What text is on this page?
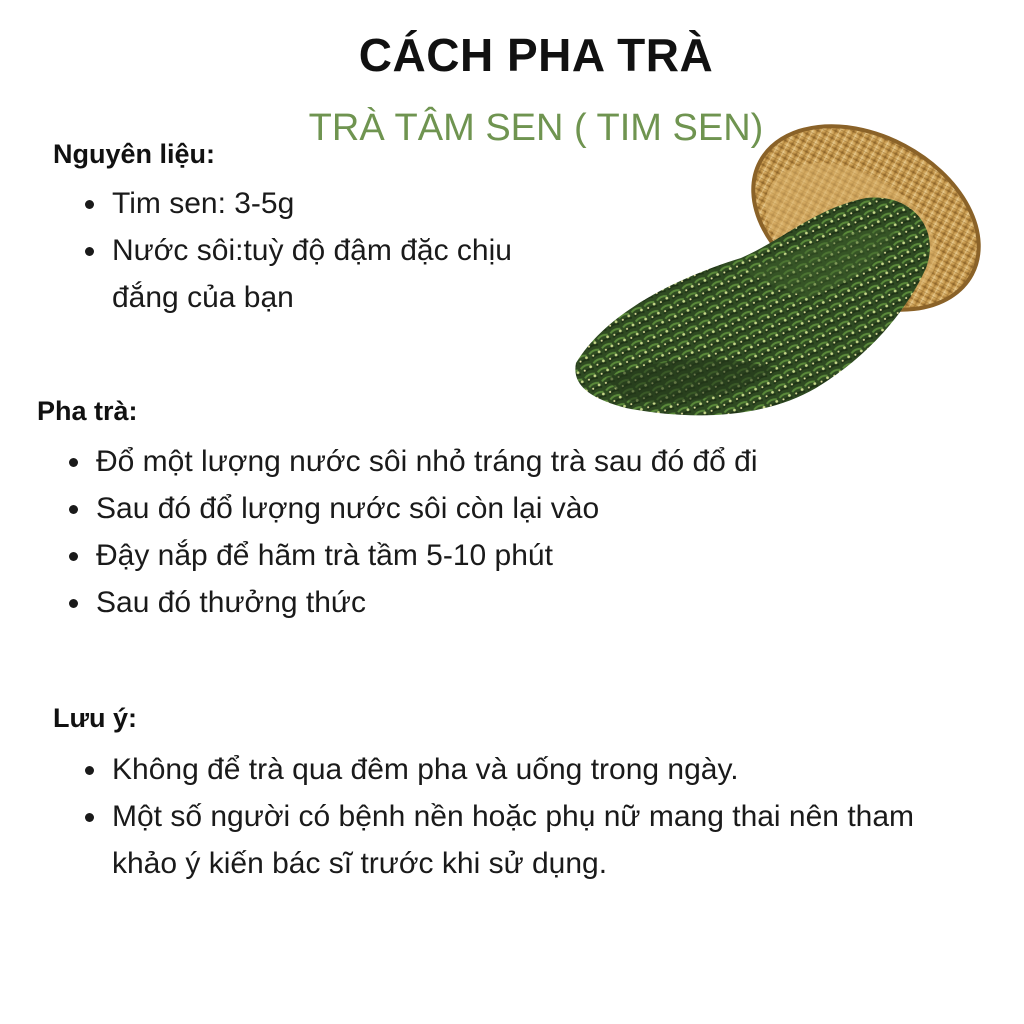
CÁCH PHA TRÀ
TRÀ TÂM SEN ( TIM SEN)
Nguyên liệu:
Tim sen: 3-5g
Nước sôi:tuỳ độ đậm đặc chịu đắng của bạn
Pha trà:
Đổ một lượng nước sôi nhỏ tráng trà sau đó đổ đi
Sau đó đổ lượng nước sôi còn lại vào
Đậy nắp để hãm trà tầm 5-10 phút
Sau đó thưởng thức
Lưu ý:
Không để trà qua đêm pha và uống trong ngày.
Một số người có bệnh nền hoặc phụ nữ mang thai nên tham khảo ý kiến bác sĩ trước khi sử dụng.
